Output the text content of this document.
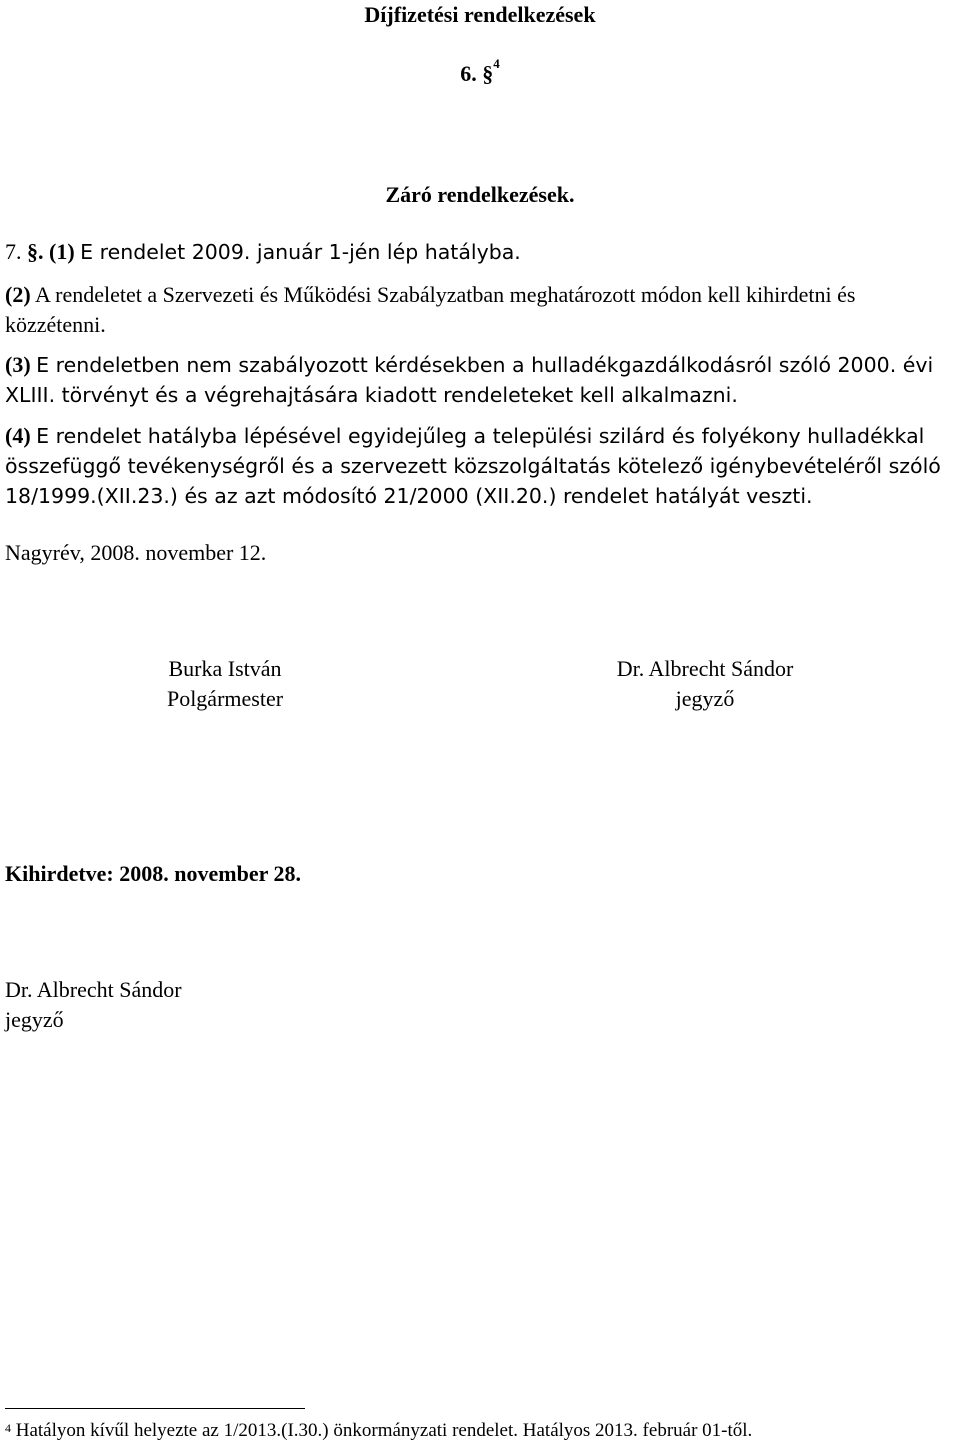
Díjfizetési rendelkezések
6. §$^4$
Záró rendelkezések.
7. §. (1) E rendelet 2009. január 1-jén lép hatályba.
(2) A rendeletet a Szervezeti és Működési Szabályzatban meghatározott módon kell kihirdetni és közzétenni.
(3) E rendeletben nem szabályozott kérdésekben a hulladékgazdálkodásról szóló 2000. évi
XLIII. törvényt és a végrehajtására kiadott rendeleteket kell alkalmazni.
(4) E rendelet hatályba lépésével egyidejűleg a települési szilárd és folyékony hulladékkal
összefüggő tevékenységről és a szervezett közszolgáltatás kötelező igénybevételéről szóló
18/1999.(XII.23.) és az azt módosító 21/2000 (XII.20.) rendelet hatályát veszti.
Nagyrév, 2008. november 12.
Burka István
Polgármester
Dr. Albrecht Sándor
jegyző
Kihirdetve: 2008. november 28.
Dr. Albrecht Sándor
jegyző
$^4$ Hatályon kívűl helyezte az 1/2013.(I.30.) önkormányzati rendelet. Hatályos 2013. február 01-től.
